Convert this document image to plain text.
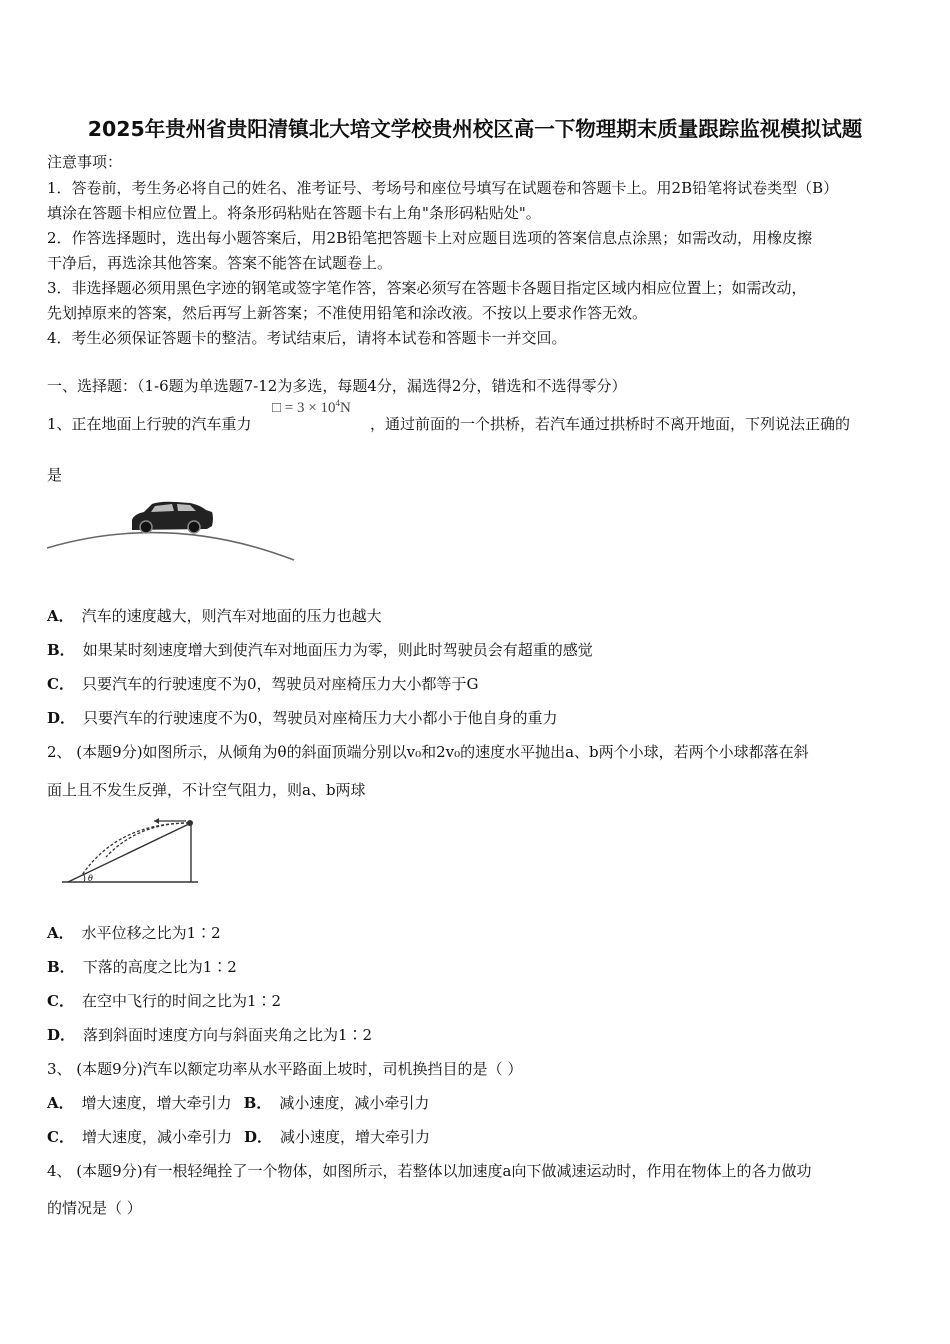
2025年贵州省贵阳清镇北大培文学校贵州校区高一下物理期末质量跟踪监视模拟试题
注意事项：
1．答卷前，考生务必将自己的姓名、准考证号、考场号和座位号填写在试题卷和答题卡上。用2B铅笔将试卷类型（B）
填涂在答题卡相应位置上。将条形码粘贴在答题卡右上角"条形码粘贴处"。
2．作答选择题时，选出每小题答案后，用2B铅笔把答题卡上对应题目选项的答案信息点涂黑；如需改动，用橡皮擦
干净后，再选涂其他答案。答案不能答在试题卷上。
3．非选择题必须用黑色字迹的钢笔或签字笔作答，答案必须写在答题卡各题目指定区域内相应位置上；如需改动，
先划掉原来的答案，然后再写上新答案；不准使用铅笔和涂改液。不按以上要求作答无效。
4．考生必须保证答题卡的整洁。考试结束后，请将本试卷和答题卡一并交回。
一、选择题：（1-6题为单选题7-12为多选，每题4分，漏选得2分，错选和不选得零分）
1、正在地面上行驶的汽车重力
□ = $3 \times 10^4N$
，通过前面的一个拱桥，若汽车通过拱桥时不离开地面，下列说法正确的
是
A． 汽车的速度越大，则汽车对地面的压力也越大
B． 如果某时刻速度增大到使汽车对地面压力为零，则此时驾驶员会有超重的感觉
C． 只要汽车的行驶速度不为0，驾驶员对座椅压力大小都等于G
D． 只要汽车的行驶速度不为0，驾驶员对座椅压力大小都小于他自身的重力
2、 (本题9分)如图所示，从倾角为θ的斜面顶端分别以v₀和2v₀的速度水平抛出a、b两个小球，若两个小球都落在斜
面上且不发生反弹，不计空气阻力，则a、b两球
θ
A． 水平位移之比为1∶2
B． 下落的高度之比为1∶2
C． 在空中飞行的时间之比为1∶2
D． 落到斜面时速度方向与斜面夹角之比为1∶2
3、 (本题9分)汽车以额定功率从水平路面上坡时，司机换挡目的是（ ）
A． 增大速度，增大牵引力 B． 减小速度，减小牵引力
C． 增大速度，减小牵引力 D． 减小速度，增大牵引力
4、 (本题9分)有一根轻绳拴了一个物体，如图所示，若整体以加速度a向下做减速运动时，作用在物体上的各力做功
的情况是（ ）
